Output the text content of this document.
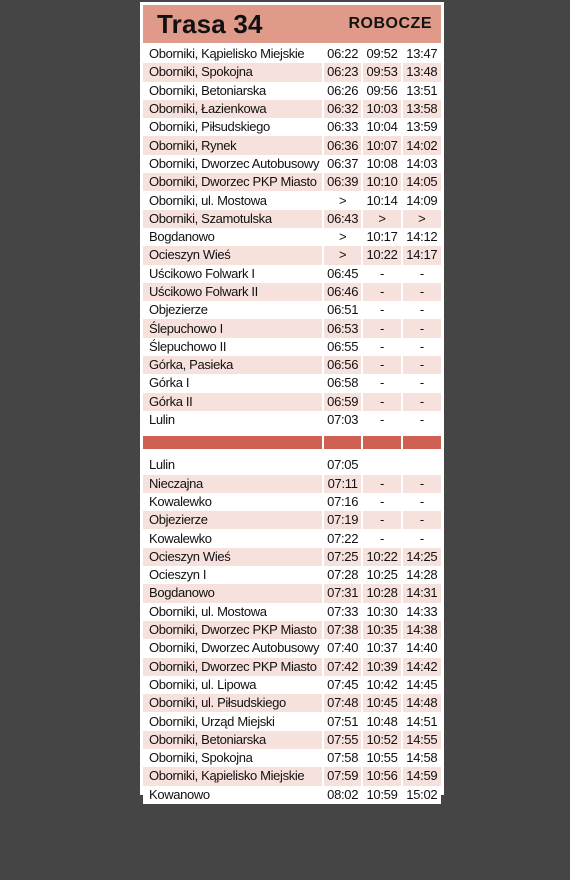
Trasa 34	ROBOCZE
Oborniki, Kąpielisko Miejskie	06:22	09:52	13:47
Oborniki, Spokojna	06:23	09:53	13:48
Oborniki, Betoniarska	06:26	09:56	13:51
Oborniki, Łazienkowa	06:32	10:03	13:58
Oborniki, Piłsudskiego	06:33	10:04	13:59
Oborniki, Rynek	06:36	10:07	14:02
Oborniki, Dworzec Autobusowy	06:37	10:08	14:03
Oborniki, Dworzec PKP Miasto	06:39	10:10	14:05
Oborniki, ul. Mostowa	>	10:14	14:09
Oborniki, Szamotulska	06:43	>	>
Bogdanowo	>	10:17	14:12
Ocieszyn Wieś	>	10:22	14:17
Uścikowo Folwark I	06:45	-	-
Uścikowo Folwark II	06:46	-	-
Objezierze	06:51	-	-
Ślepuchowo I	06:53	-	-
Ślepuchowo II	06:55	-	-
Górka, Pasieka	06:56	-	-
Górka I	06:58	-	-
Górka II	06:59	-	-
Lulin	07:03	-	-

Lulin	07:05		
Nieczajna	07:11	-	-
Kowalewko	07:16	-	-
Objezierze	07:19	-	-
Kowalewko	07:22	-	-
Ocieszyn Wieś	07:25	10:22	14:25
Ocieszyn I	07:28	10:25	14:28
Bogdanowo	07:31	10:28	14:31
Oborniki, ul. Mostowa	07:33	10:30	14:33
Oborniki, Dworzec PKP Miasto	07:38	10:35	14:38
Oborniki, Dworzec Autobusowy	07:40	10:37	14:40
Oborniki, Dworzec PKP Miasto	07:42	10:39	14:42
Oborniki, ul. Lipowa	07:45	10:42	14:45
Oborniki, ul. Piłsudskiego	07:48	10:45	14:48
Oborniki, Urząd Miejski	07:51	10:48	14:51
Oborniki, Betoniarska	07:55	10:52	14:55
Oborniki, Spokojna	07:58	10:55	14:58
Oborniki, Kąpielisko Miejskie	07:59	10:56	14:59
Kowanowo	08:02	10:59	15:02
